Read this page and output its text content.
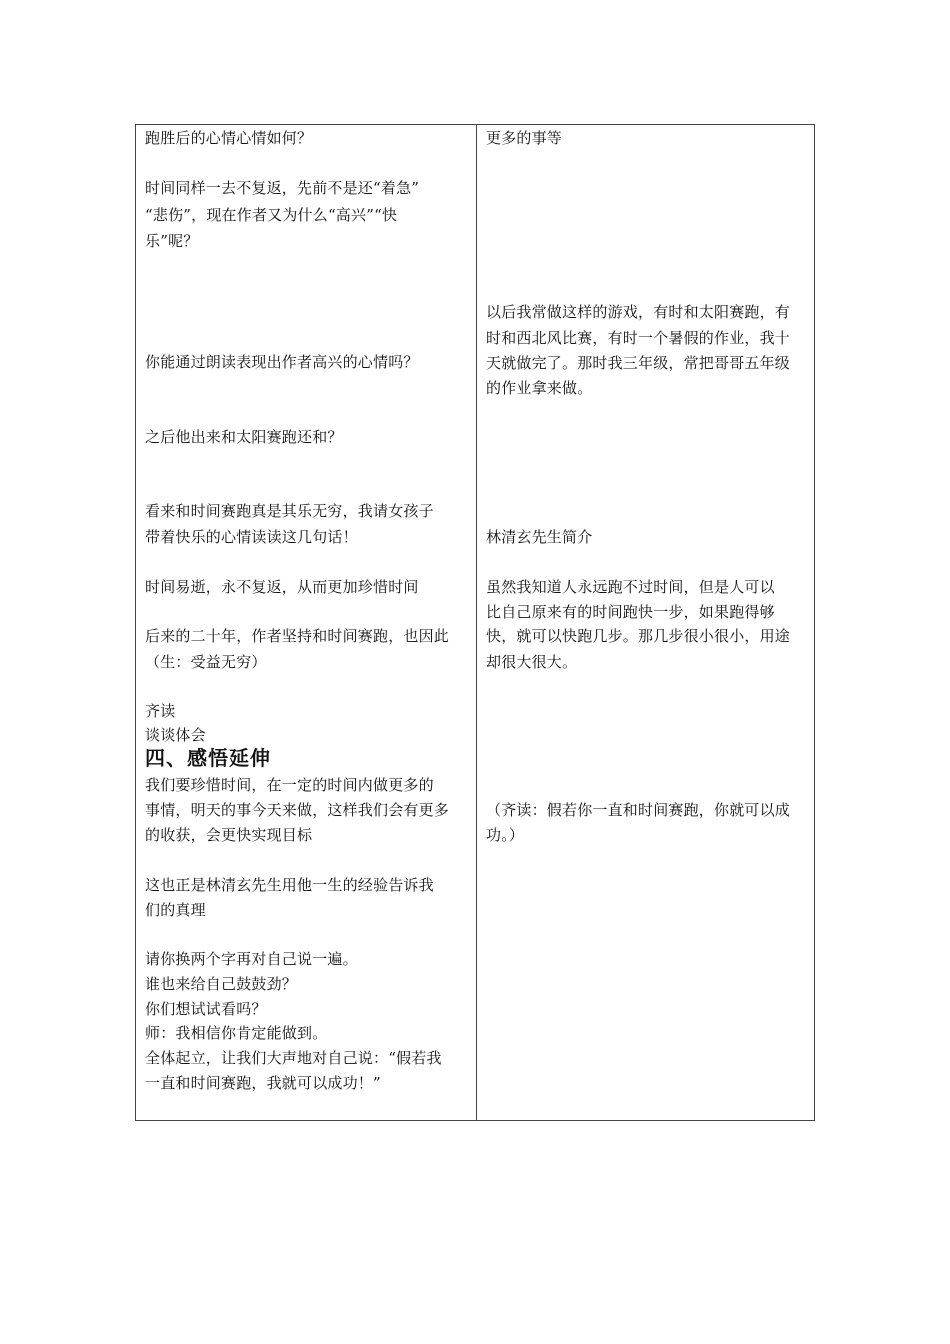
跑胜后的心情心情如何？
时间同样一去不复返，先前不是还“着急”
“悲伤”，现在作者又为什么“高兴”“快
乐”呢？
你能通过朗读表现出作者高兴的心情吗？
之后他出来和太阳赛跑还和？
看来和时间赛跑真是其乐无穷，我请女孩子
带着快乐的心情读读这几句话！
时间易逝，永不复返，从而更加珍惜时间
后来的二十年，作者坚持和时间赛跑，也因此
（生：受益无穷）
齐读
谈谈体会
四、感悟延伸
我们要珍惜时间，在一定的时间内做更多的
事情，明天的事今天来做，这样我们会有更多
的收获，会更快实现目标
这也正是林清玄先生用他一生的经验告诉我
们的真理
请你换两个字再对自己说一遍。
谁也来给自己鼓鼓劲？
你们想试试看吗？
师：我相信你肯定能做到。
全体起立，让我们大声地对自己说：“假若我
一直和时间赛跑，我就可以成功！”
更多的事等
以后我常做这样的游戏，有时和太阳赛跑，有
时和西北风比赛，有时一个暑假的作业，我十
天就做完了。那时我三年级，常把哥哥五年级
的作业拿来做。
林清玄先生简介
虽然我知道人永远跑不过时间，但是人可以
比自己原来有的时间跑快一步，如果跑得够
快，就可以快跑几步。那几步很小很小，用途
却很大很大。
（齐读：假若你一直和时间赛跑，你就可以成
功。）
